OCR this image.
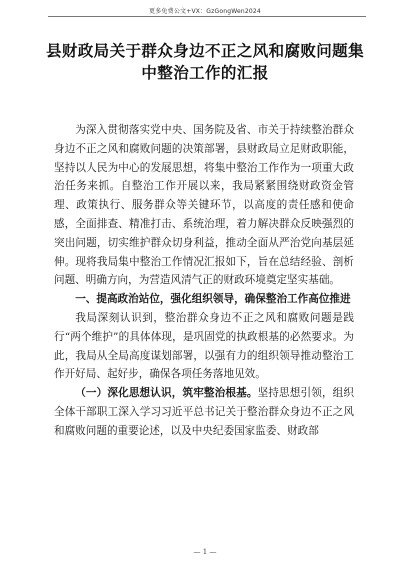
更多免费公文+VX：GzGongWen2024
县财政局关于群众身边不正之风和腐败问题集中整治工作的汇报

为深入贯彻落实党中央、国务院及省、市关于持续整治群众身边不正之风和腐败问题的决策部署，县财政局立足财政职能，坚持以人民为中心的发展思想，将集中整治工作作为一项重大政治任务来抓。自整治工作开展以来，我局紧紧围绕财政资金管理、政策执行、服务群众等关键环节，以高度的责任感和使命感，全面排查、精准打击、系统治理，着力解决群众反映强烈的突出问题，切实维护群众切身利益，推动全面从严治党向基层延伸。现将我局集中整治工作情况汇报如下，旨在总结经验、剖析问题、明确方向，为营造风清气正的财政环境奠定坚实基础。

一、提高政治站位，强化组织领导，确保整治工作高位推进

我局深刻认识到，整治群众身边不正之风和腐败问题是践行“两个维护”的具体体现，是巩固党的执政根基的必然要求。为此，我局从全局高度谋划部署，以强有力的组织领导推动整治工作开好局、起好步，确保各项任务落地见效。

（一）深化思想认识，筑牢整治根基。坚持思想引领，组织全体干部职工深入学习习近平总书记关于整治群众身边不正之风和腐败问题的重要论述，以及中央纪委国家监委、财政部

— 1 —
